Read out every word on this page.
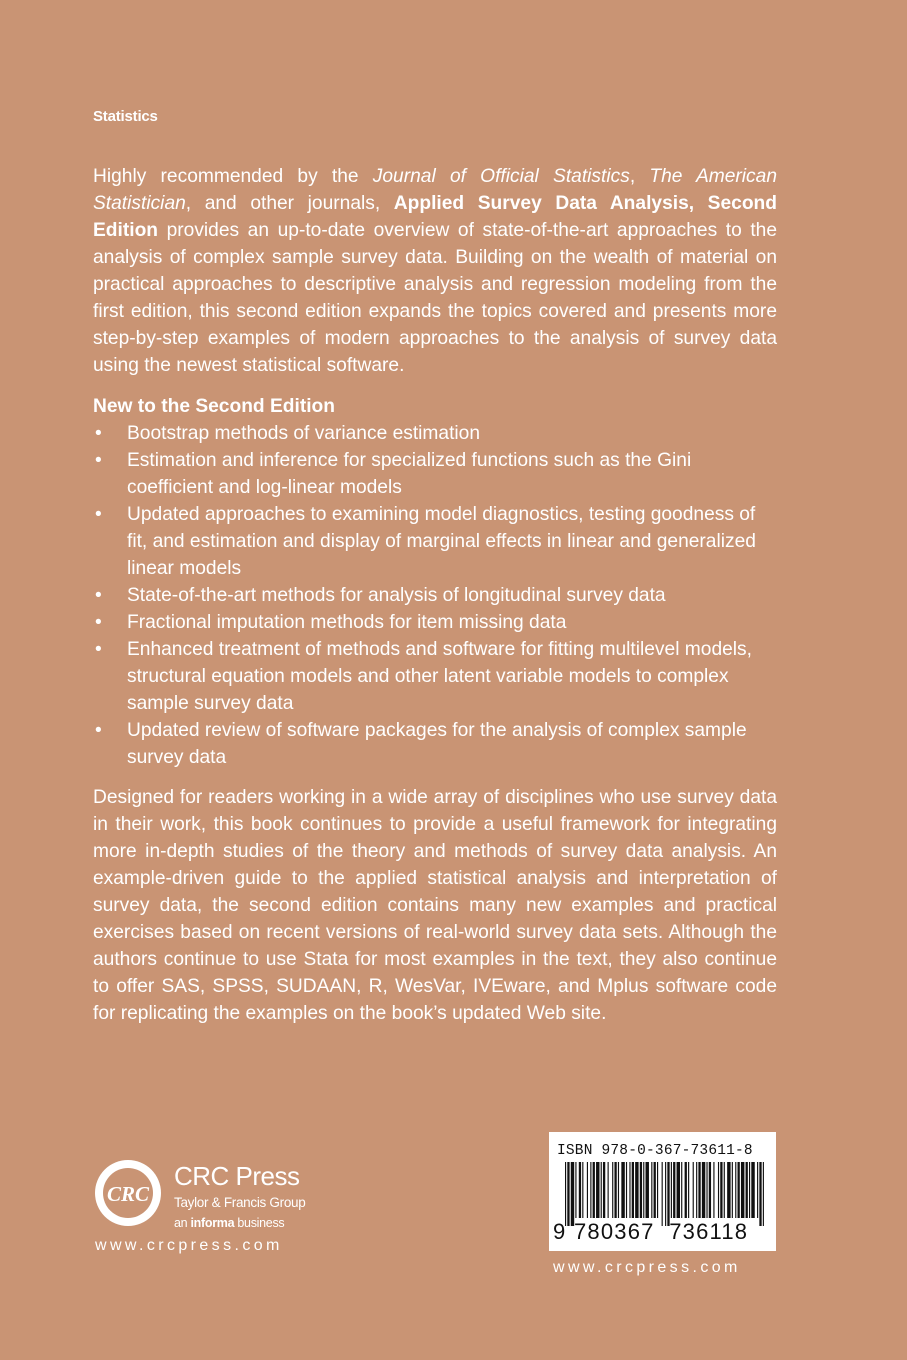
Statistics
Highly recommended by the Journal of Official Statistics, The American Statistician, and other journals, Applied Survey Data Analysis, Second Edition provides an up-to-date overview of state-of-the-art approaches to the analysis of complex sample survey data. Building on the wealth of material on practical approaches to descriptive analysis and regression modeling from the first edition, this second edition expands the topics covered and presents more step-by-step examples of modern approaches to the analysis of survey data using the newest statistical software.
New to the Second Edition
• Bootstrap methods of variance estimation
• Estimation and inference for specialized functions such as the Gini coefficient and log-linear models
• Updated approaches to examining model diagnostics, testing goodness of fit, and estimation and display of marginal effects in linear and generalized linear models
• State-of-the-art methods for analysis of longitudinal survey data
• Fractional imputation methods for item missing data
• Enhanced treatment of methods and software for fitting multilevel models, structural equation models and other latent variable models to complex sample survey data
• Updated review of software packages for the analysis of complex sample survey data
Designed for readers working in a wide array of disciplines who use survey data in their work, this book continues to provide a useful framework for integrating more in-depth studies of the theory and methods of survey data analysis. An example-driven guide to the applied statistical analysis and interpretation of survey data, the second edition contains many new examples and practical exercises based on recent versions of real-world survey data sets. Although the authors continue to use Stata for most examples in the text, they also continue to offer SAS, SPSS, SUDAAN, R, WesVar, IVEware, and Mplus software code for replicating the examples on the book’s updated Web site.
CRC
CRC Press
Taylor & Francis Group
an informa business
www.crcpress.com
ISBN 978-0-367-73611-8
9 780367 736118
www.crcpress.com
